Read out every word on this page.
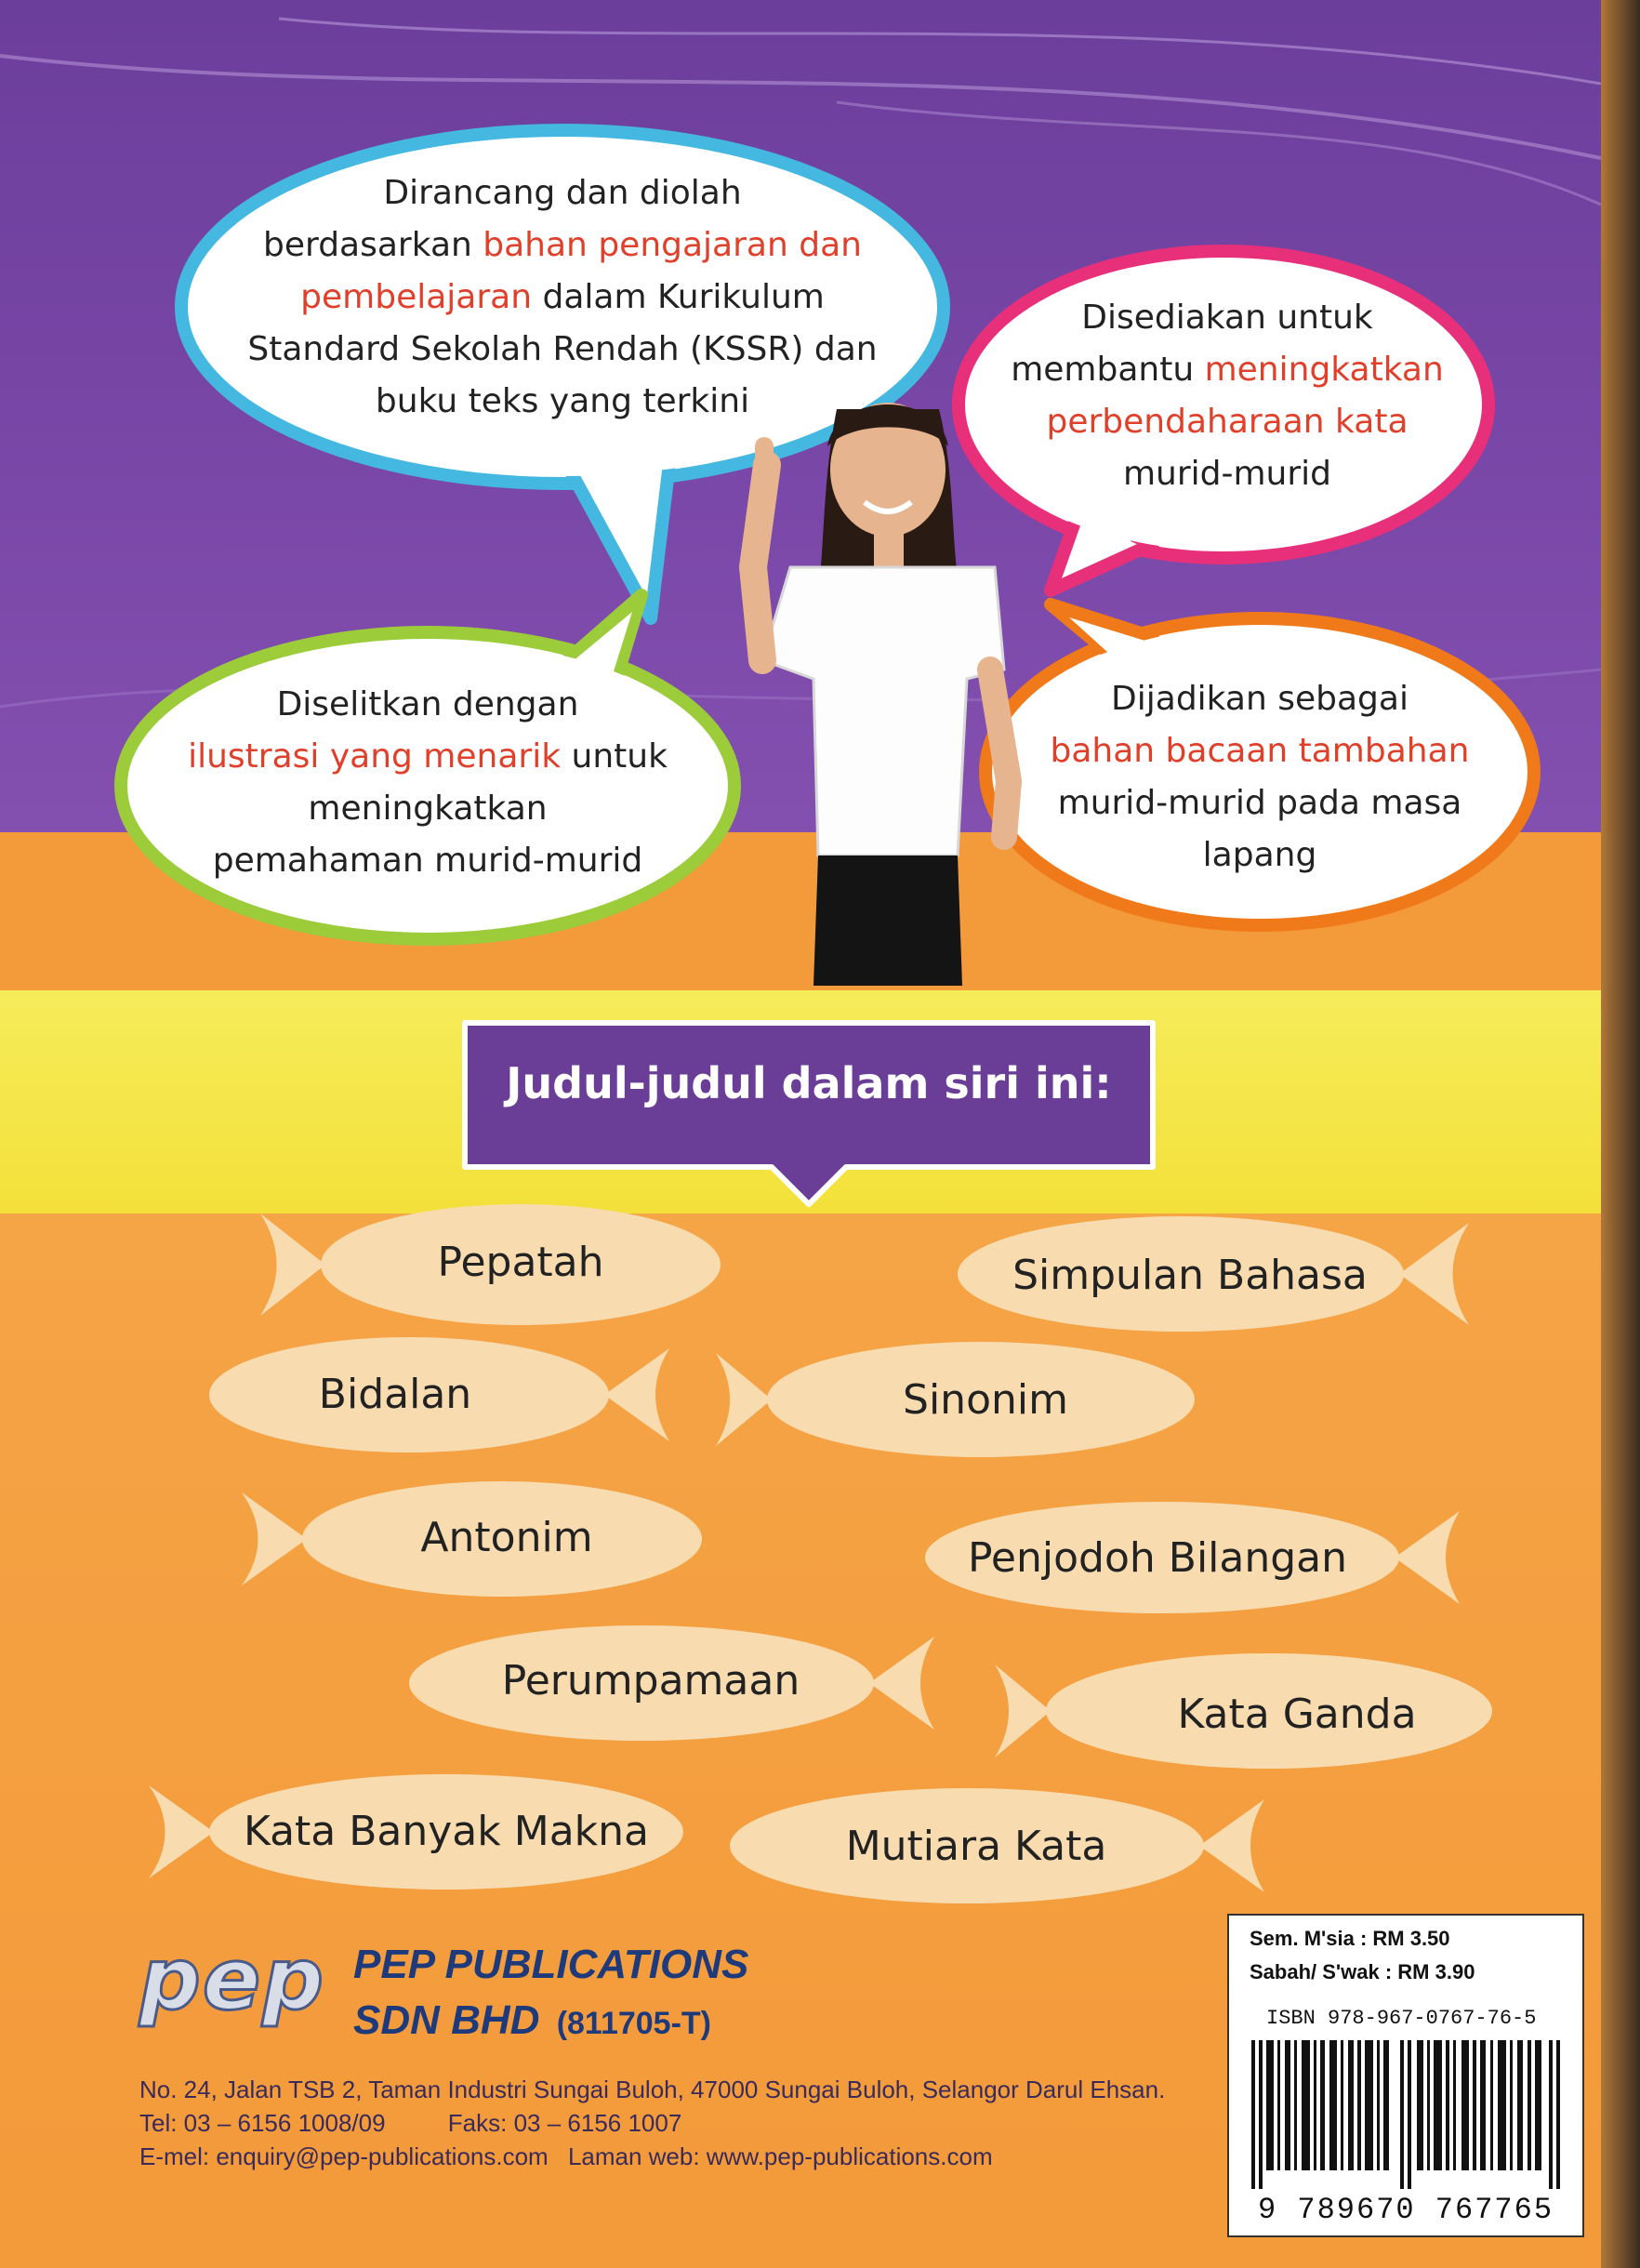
Dirancang dan diolah
berdasarkan bahan pengajaran dan
pembelajaran dalam Kurikulum
Standard Sekolah Rendah (KSSR) dan
buku teks yang terkini
Disediakan untuk
membantu meningkatkan
perbendaharaan kata
murid-murid
Diselitkan dengan
ilustrasi yang menarik untuk
meningkatkan
pemahaman murid-murid
Dijadikan sebagai
bahan bacaan tambahan
murid-murid pada masa
lapang
Judul-judul dalam siri ini:
Pepatah	Simpulan Bahasa
Bidalan	Sinonim
Antonim	Penjodoh Bilangan
Perumpamaan
Kata Ganda
Kata Banyak Makna	Mutiara Kata
pep PEP PUBLICATIONS
SDN BHD (811705-T)
No. 24, Jalan TSB 2, Taman Industri Sungai Buloh, 47000 Sungai Buloh, Selangor Darul Ehsan.
Tel: 03 – 6156 1008/09	Faks: 03 – 6156 1007
E-mel: enquiry@pep-publications.com Laman web: www.pep-publications.com
Sem. M'sia : RM 3.50
Sabah/ S'wak : RM 3.90
ISBN 978-967-0767-76-5
9 789670 767765
